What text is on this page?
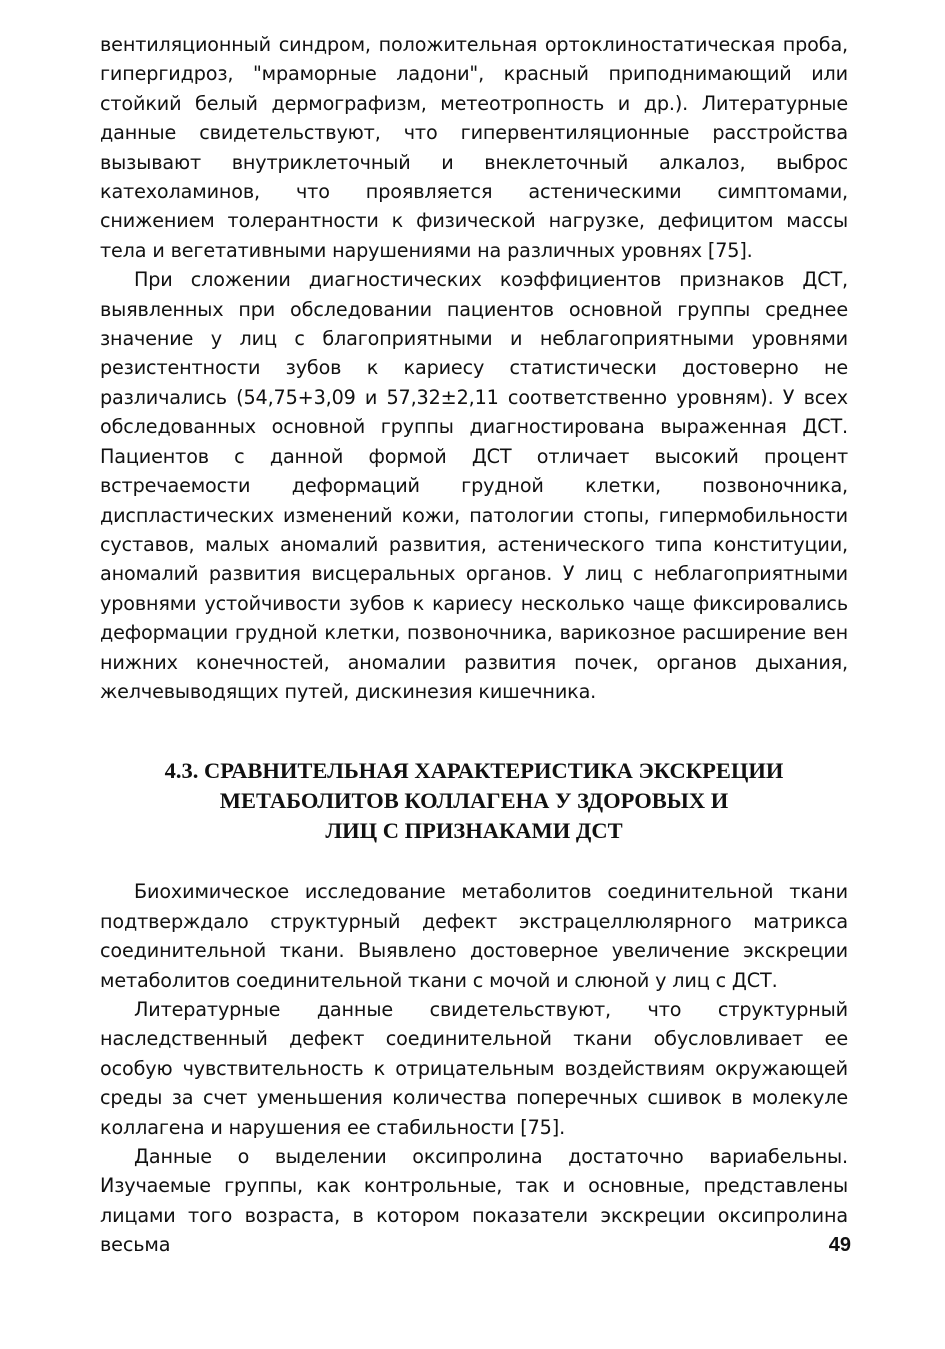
вентиляционный синдром, положительная ортоклиностатическая проба, гипергидроз, "мраморные ладони", красный приподнимающий или стойкий белый дермографизм, метеотропность и др.). Литературные данные свидетельствуют, что гипервентиляционные расстройства вызывают внутриклеточный и внеклеточный алкалоз, выброс катехоламинов, что проявляется астеническими симптомами, снижением толерантности к физической нагрузке, дефицитом массы тела и вегетативными нарушениями на различных уровнях [75].

При сложении диагностических коэффициентов признаков ДСТ, выявленных при обследовании пациентов основной группы среднее значение у лиц с благоприятными и неблагоприятными уровнями резистентности зубов к кариесу статистически достоверно не различались (54,75+3,09 и 57,32±2,11 соответственно уровням). У всех обследованных основной группы диагностирована выраженная ДСТ. Пациентов с данной формой ДСТ отличает высокий процент встречаемости деформаций грудной клетки, позвоночника, диспластических изменений кожи, патологии стопы, гипермобильности суставов, малых аномалий развития, астенического типа конституции, аномалий развития висцеральных органов. У лиц с неблагоприятными уровнями устойчивости зубов к кариесу несколько чаще фиксировались деформации грудной клетки, позвоночника, варикозное расширение вен нижних конечностей, аномалии развития почек, органов дыхания, желчевыводящих путей, дискинезия кишечника.

4.3. СРАВНИТЕЛЬНАЯ ХАРАКТЕРИСТИКА ЭКСКРЕЦИИ
МЕТАБОЛИТОВ КОЛЛАГЕНА У ЗДОРОВЫХ И
ЛИЦ С ПРИЗНАКАМИ ДСТ

Биохимическое исследование метаболитов соединительной ткани подтверждало структурный дефект экстрацеллюлярного матрикса соединительной ткани. Выявлено достоверное увеличение экскреции метаболитов соединительной ткани с мочой и слюной у лиц с ДСТ.

Литературные данные свидетельствуют, что структурный наследственный дефект соединительной ткани обусловливает ее особую чувствительность к отрицательным воздействиям окружающей среды за счет уменьшения количества поперечных сшивок в молекуле коллагена и нарушения ее стабильности [75].

Данные о выделении оксипролина достаточно вариабельны. Изучаемые группы, как контрольные, так и основные, представлены лицами того возраста, в котором показатели экскреции оксипролина весьма	49
